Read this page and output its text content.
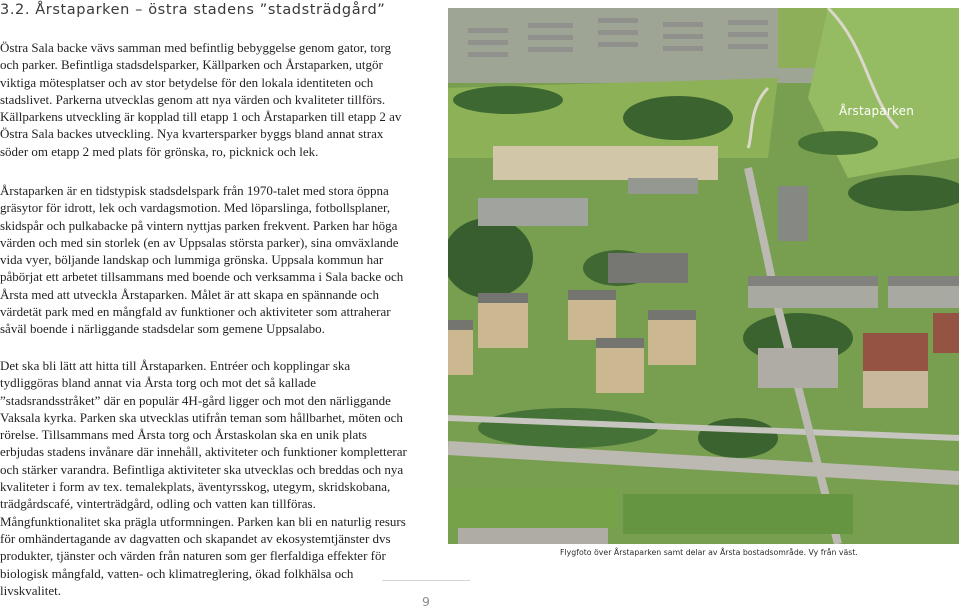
3.2. Årstaparken – östra stadens ”stadsträdgård”

Östra Sala backe vävs samman med befintlig bebyggelse genom gator, torg och parker. Befintliga stadsdelsparker, Källparken och Årstaparken, utgör viktiga mötesplatser och av stor betydelse för den lokala identiteten och stadslivet. Parkerna utvecklas genom att nya värden och kvaliteter tillförs. Källparkens utveckling är kopplad till etapp 1 och Årstaparken till etapp 2 av Östra Sala backes utveckling. Nya kvartersparker byggs bland annat strax söder om etapp 2 med plats för grönska, ro, picknick och lek.

Årstaparken är en tidstypisk stadsdelspark från 1970-talet med stora öppna gräsytor för idrott, lek och vardagsmotion. Med löparslinga, fotbollsplaner, skidspår och pulkabacke på vintern nyttjas parken frekvent. Parken har höga värden och med sin storlek (en av Uppsalas största parker), sina omväxlande vida vyer, böljande landskap och lummiga grönska. Uppsala kommun har påbörjat ett arbetet tillsammans med boende och verksamma i Sala backe och Årsta med att utveckla Årstaparken. Målet är att skapa en spännande och värdetät park med en mångfald av funktioner och aktiviteter som attraherar såväl boende i närliggande stadsdelar som gemene Uppsalabo.

Det ska bli lätt att hitta till Årstaparken. Entréer och kopplingar ska tydliggöras bland annat via Årsta torg och mot det så kallade ”stadsrandsstråket” där en populär 4H-gård ligger och mot den närliggande Vaksala kyrka. Parken ska utvecklas utifrån teman som hållbarhet, möten och rörelse. Tillsammans med Årsta torg och Årstaskolan ska en unik plats erbjudas stadens invånare där innehåll, aktiviteter och funktioner kompletterar och stärker varandra. Befintliga aktiviteter ska utvecklas och breddas och nya kvaliteter i form av tex. temalekplats, äventyrsskog, utegym, skridskobana, trädgårdscafé, vinterträdgård, odling och vatten kan tillföras. Mångfunktionalitet ska prägla utformningen. Parken kan bli en naturlig resurs för omhändertagande av dagvatten och skapandet av ekosystemtjänster dvs produkter, tjänster och värden från naturen som ger flerfaldiga effekter för biologisk mångfald, vatten- och klimatreglering, ökad folkhälsa och livskvalitet.

Årstaparken
Flygfoto över Årstaparken samt delar av Årsta bostadsområde. Vy från väst.
9
